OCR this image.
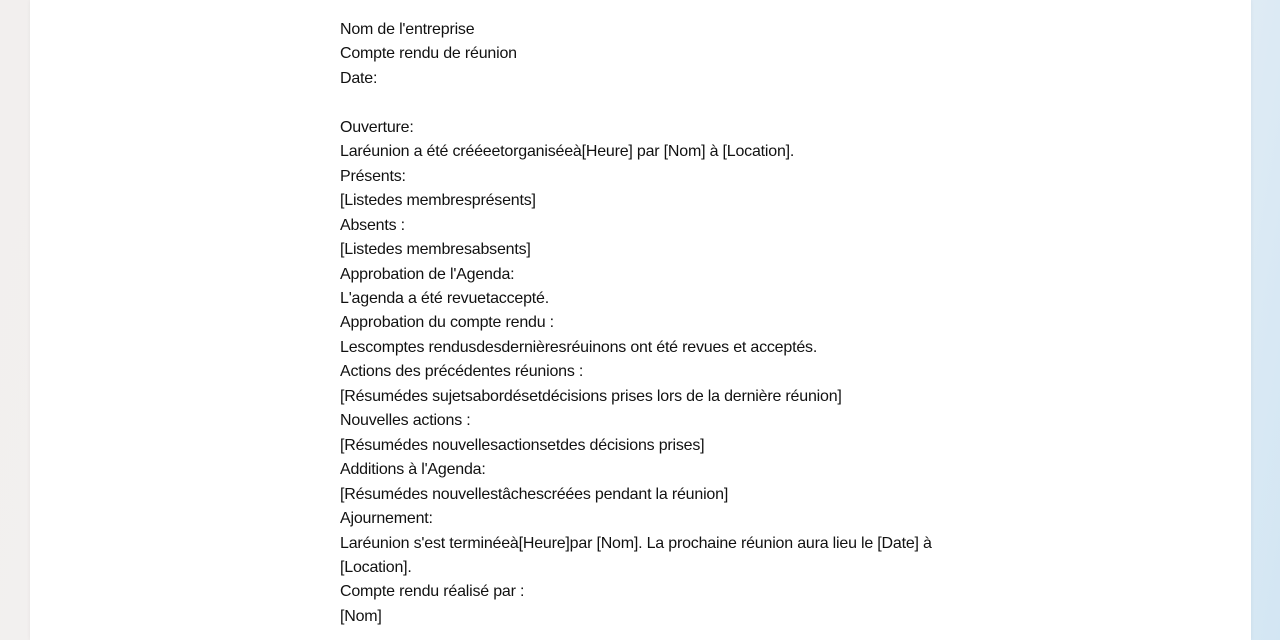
Nom de l'entreprise
Compte rendu de réunion
Date:
Ouverture:
Laréunion a été crééeetorganiséeà[Heure] par [Nom] à [Location].
Présents:
[Listedes membresprésents]
Absents :
[Listedes membresabsents]
Approbation de l'Agenda:
L'agenda a été revuetaccepté.
Approbation du compte rendu :
Lescomptes rendusdesdernièresréuinons ont été revues et acceptés.
Actions des précédentes réunions :
[Résumédes sujetsabordésetdécisions prises lors de la dernière réunion]
Nouvelles actions :
[Résumédes nouvellesactionsetdes décisions prises]
Additions à l'Agenda:
[Résumédes nouvellestâchescréées pendant la réunion]
Ajournement:
Laréunion s'est terminéeà[Heure]par [Nom]. La prochaine réunion aura lieu le [Date] à
[Location].
Compte rendu réalisé par :
[Nom]
